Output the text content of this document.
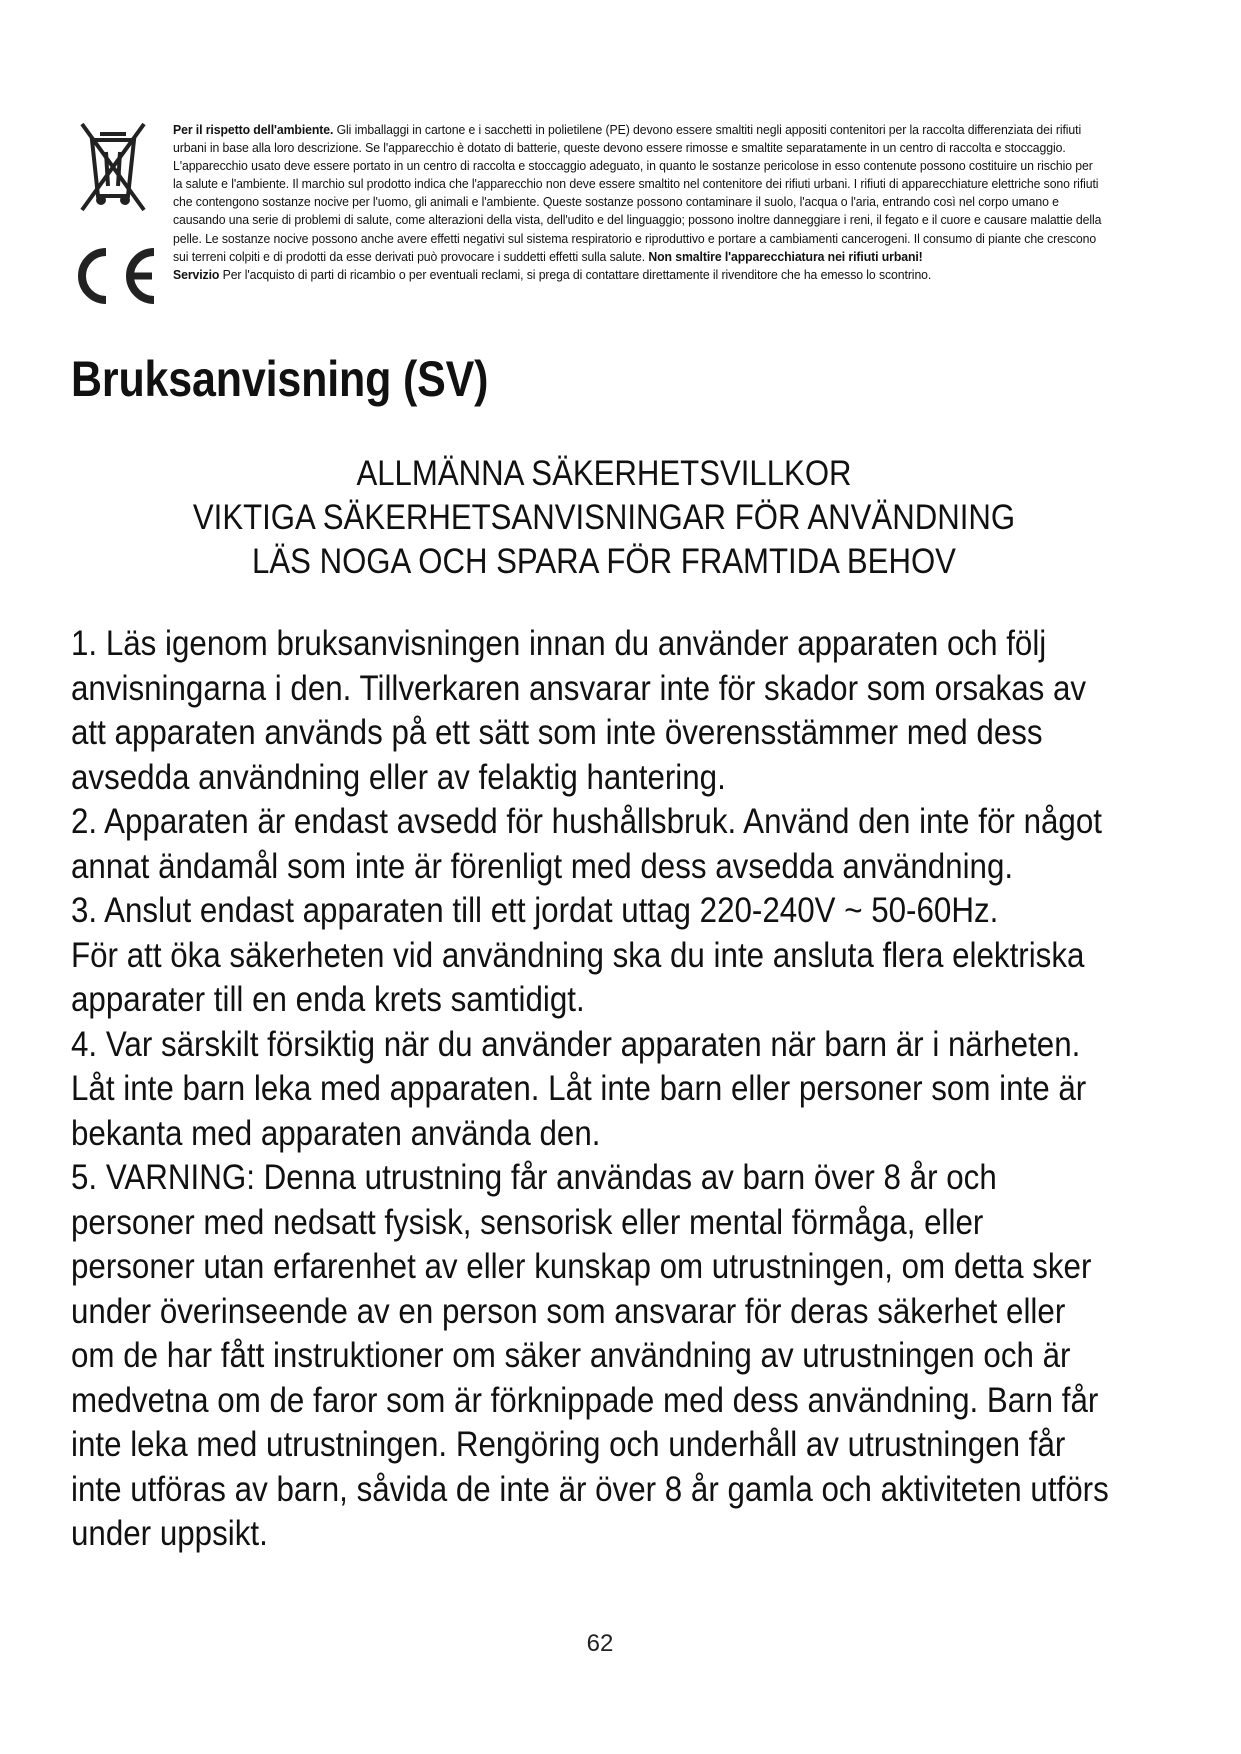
Per il rispetto dell'ambiente. Gli imballaggi in cartone e i sacchetti in polietilene (PE) devono essere smaltiti negli appositi contenitori per la raccolta differenziata dei rifiuti urbani in base alla loro descrizione. Se l'apparecchio è dotato di batterie, queste devono essere rimosse e smaltite separatamente in un centro di raccolta e stoccaggio. L'apparecchio usato deve essere portato in un centro di raccolta e stoccaggio adeguato, in quanto le sostanze pericolose in esso contenute possono costituire un rischio per la salute e l'ambiente. Il marchio sul prodotto indica che l'apparecchio non deve essere smaltito nel contenitore dei rifiuti urbani. I rifiuti di apparecchiature elettriche sono rifiuti che contengono sostanze nocive per l'uomo, gli animali e l'ambiente. Queste sostanze possono contaminare il suolo, l'acqua o l'aria, entrando così nel corpo umano e causando una serie di problemi di salute, come alterazioni della vista, dell'udito e del linguaggio; possono inoltre danneggiare i reni, il fegato e il cuore e causare malattie della pelle. Le sostanze nocive possono anche avere effetti negativi sul sistema respiratorio e riproduttivo e portare a cambiamenti cancerogeni. Il consumo di piante che crescono sui terreni colpiti e di prodotti da esse derivati può provocare i suddetti effetti sulla salute. Non smaltire l'apparecchiatura nei rifiuti urbani!

Servizio Per l'acquisto di parti di ricambio o per eventuali reclami, si prega di contattare direttamente il rivenditore che ha emesso lo scontrino.

Bruksanvisning (SV)
ALLMÄNNA SÄKERHETSVILLKOR
VIKTIGA SÄKERHETSANVISNINGAR FÖR ANVÄNDNING
LÄS NOGA OCH SPARA FÖR FRAMTIDA BEHOV
1. Läs igenom bruksanvisningen innan du använder apparaten och följ
anvisningarna i den. Tillverkaren ansvarar inte för skador som orsakas av
att apparaten används på ett sätt som inte överensstämmer med dess
avsedda användning eller av felaktig hantering.
2. Apparaten är endast avsedd för hushållsbruk. Använd den inte för något
annat ändamål som inte är förenligt med dess avsedda användning.
3. Anslut endast apparaten till ett jordat uttag 220-240V ~ 50-60Hz.
För att öka säkerheten vid användning ska du inte ansluta flera elektriska
apparater till en enda krets samtidigt.
4. Var särskilt försiktig när du använder apparaten när barn är i närheten.
Låt inte barn leka med apparaten. Låt inte barn eller personer som inte är
bekanta med apparaten använda den.
5. VARNING: Denna utrustning får användas av barn över 8 år och
personer med nedsatt fysisk, sensorisk eller mental förmåga, eller
personer utan erfarenhet av eller kunskap om utrustningen, om detta sker
under överinseende av en person som ansvarar för deras säkerhet eller
om de har fått instruktioner om säker användning av utrustningen och är
medvetna om de faror som är förknippade med dess användning. Barn får
inte leka med utrustningen. Rengöring och underhåll av utrustningen får
inte utföras av barn, såvida de inte är över 8 år gamla och aktiviteten utförs
under uppsikt.
62
